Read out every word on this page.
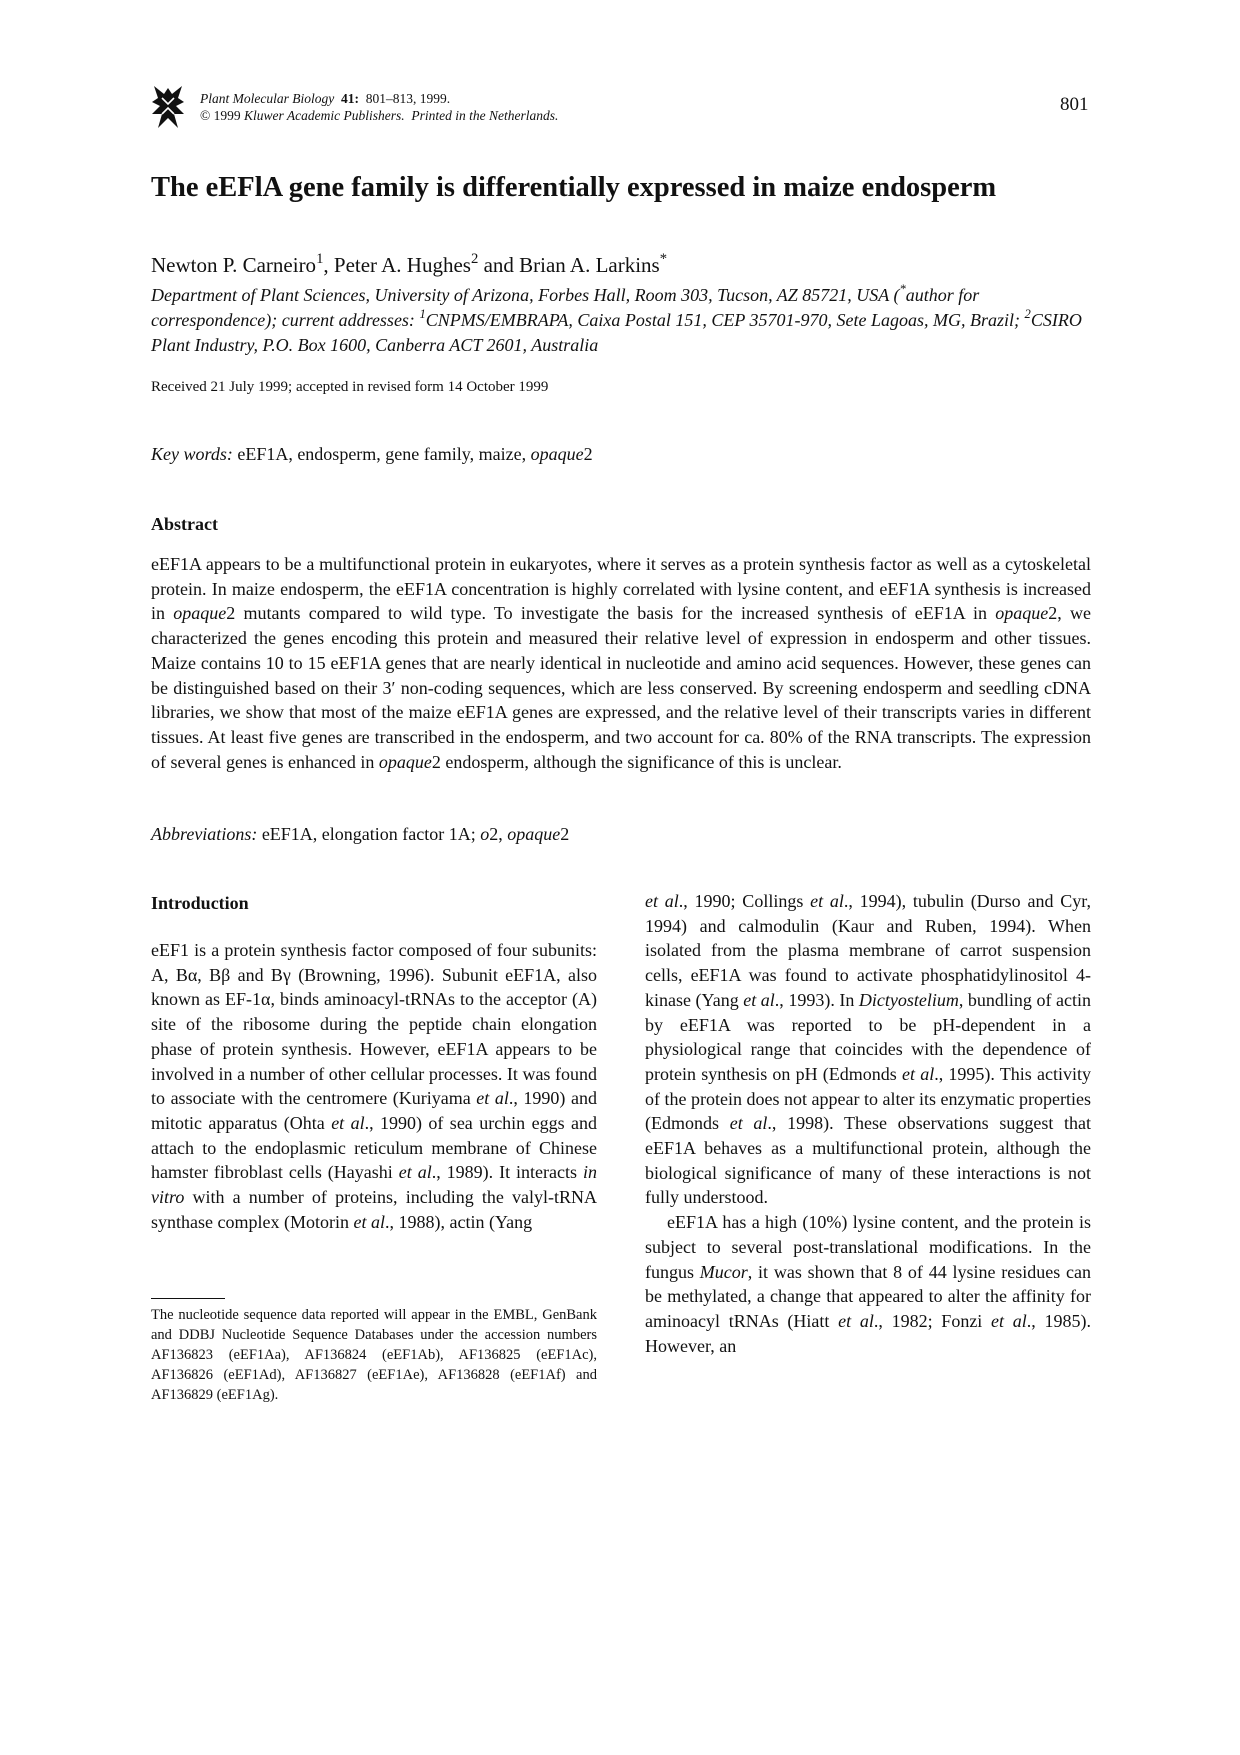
Plant Molecular Biology 41: 801–813, 1999.
© 1999 Kluwer Academic Publishers. Printed in the Netherlands.
801
The eEFlA gene family is differentially expressed in maize endosperm
Newton P. Carneiro$^1$, Peter A. Hughes$^2$ and Brian A. Larkins*
Department of Plant Sciences, University of Arizona, Forbes Hall, Room 303, Tucson, AZ 85721, USA (*author for correspondence); current addresses: $^1$CNPMS/EMBRAPA, Caixa Postal 151, CEP 35701-970, Sete Lagoas, MG, Brazil; $^2$CSIRO Plant Industry, P.O. Box 1600, Canberra ACT 2601, Australia
Received 21 July 1999; accepted in revised form 14 October 1999
Key words: eEF1A, endosperm, gene family, maize, opaque2
Abstract
eEF1A appears to be a multifunctional protein in eukaryotes, where it serves as a protein synthesis factor as well as a cytoskeletal protein. In maize endosperm, the eEF1A concentration is highly correlated with lysine content, and eEF1A synthesis is increased in opaque2 mutants compared to wild type. To investigate the basis for the increased synthesis of eEF1A in opaque2, we characterized the genes encoding this protein and measured their relative level of expression in endosperm and other tissues. Maize contains 10 to 15 eEF1A genes that are nearly identical in nucleotide and amino acid sequences. However, these genes can be distinguished based on their 3′ non-coding sequences, which are less conserved. By screening endosperm and seedling cDNA libraries, we show that most of the maize eEF1A genes are expressed, and the relative level of their transcripts varies in different tissues. At least five genes are transcribed in the endosperm, and two account for ca. 80% of the RNA transcripts. The expression of several genes is enhanced in opaque2 endosperm, although the significance of this is unclear.
Abbreviations: eEF1A, elongation factor 1A; o2, opaque2
Introduction
eEF1 is a protein synthesis factor composed of four subunits: A, Bα, Bβ and Bγ (Browning, 1996). Subunit eEF1A, also known as EF-1α, binds aminoacyl-tRNAs to the acceptor (A) site of the ribosome during the peptide chain elongation phase of protein synthesis. However, eEF1A appears to be involved in a number of other cellular processes. It was found to associate with the centromere (Kuriyama et al., 1990) and mitotic apparatus (Ohta et al., 1990) of sea urchin eggs and attach to the endoplasmic reticulum membrane of Chinese hamster fibroblast cells (Hayashi et al., 1989). It interacts in vitro with a number of proteins, including the valyl-tRNA synthase complex (Motorin et al., 1988), actin (Yang
The nucleotide sequence data reported will appear in the EMBL, GenBank and DDBJ Nucleotide Sequence Databases under the accession numbers AF136823 (eEF1Aa), AF136824 (eEF1Ab), AF136825 (eEF1Ac), AF136826 (eEF1Ad), AF136827 (eEF1Ae), AF136828 (eEF1Af) and AF136829 (eEF1Ag).

et al., 1990; Collings et al., 1994), tubulin (Durso and Cyr, 1994) and calmodulin (Kaur and Ruben, 1994). When isolated from the plasma membrane of carrot suspension cells, eEF1A was found to activate phosphatidylinositol 4-kinase (Yang et al., 1993). In Dictyostelium, bundling of actin by eEF1A was reported to be pH-dependent in a physiological range that coincides with the dependence of protein synthesis on pH (Edmonds et al., 1995). This activity of the protein does not appear to alter its enzymatic properties (Edmonds et al., 1998). These observations suggest that eEF1A behaves as a multifunctional protein, although the biological significance of many of these interactions is not fully understood.

eEF1A has a high (10%) lysine content, and the protein is subject to several post-translational modifications. In the fungus Mucor, it was shown that 8 of 44 lysine residues can be methylated, a change that appeared to alter the affinity for aminoacyl tRNAs (Hiatt et al., 1982; Fonzi et al., 1985). However, an
